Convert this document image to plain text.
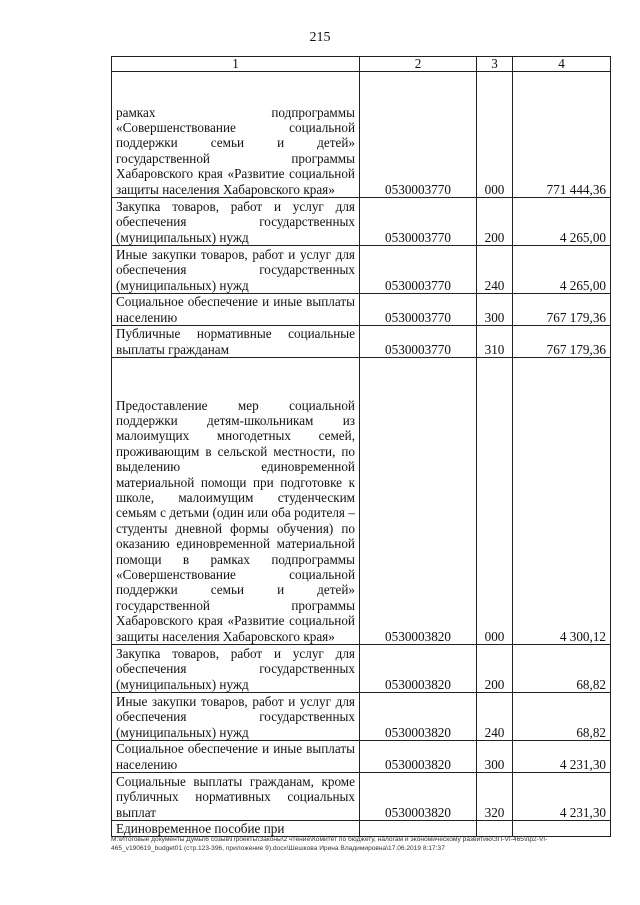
215
1	2	3	4
рамках подпрограммы «Совершенствование социальной поддержки семьи и детей» государственной программы Хабаровского края «Развитие социальной защиты населения Хабаровского края»	0530003770	000	771 444,36
Закупка товаров, работ и услуг для обеспечения государственных (муниципальных) нужд	0530003770	200	4 265,00
Иные закупки товаров, работ и услуг для обеспечения государственных (муниципальных) нужд	0530003770	240	4 265,00
Социальное обеспечение и иные выплаты населению	0530003770	300	767 179,36
Публичные нормативные социальные выплаты гражданам	0530003770	310	767 179,36
Предоставление мер социальной поддержки детям-школьникам из малоимущих многодетных семей, проживающим в сельской местности, по выделению единовременной материальной помощи при подготовке к школе, малоимущим студенческим семьям с детьми (один или оба родителя – студенты дневной формы обучения) по оказанию единовременной материальной помощи в рамках подпрограммы «Совершенствование социальной поддержки семьи и детей» государственной программы Хабаровского края «Развитие социальной защиты населения Хабаровского края»	0530003820	000	4 300,12
Закупка товаров, работ и услуг для обеспечения государственных (муниципальных) нужд	0530003820	200	68,82
Иные закупки товаров, работ и услуг для обеспечения государственных (муниципальных) нужд	0530003820	240	68,82
Социальное обеспечение и иные выплаты населению	0530003820	300	4 231,30
Социальные выплаты гражданам, кроме публичных нормативных социальных выплат	0530003820	320	4 231,30
Единовременное пособие при			
М:\Итоговые документы Думы\6 созыв\Проекты\Законы\2 чтение\Комитет по бюджету, налогам и экономическому развитию\ЗП-VI-465\пр2-VI-465_v190619_budget01 (стр.123-396, приложение 9).docx\Шешкова Ирина Владимировна\17.06.2019 8:17:37
